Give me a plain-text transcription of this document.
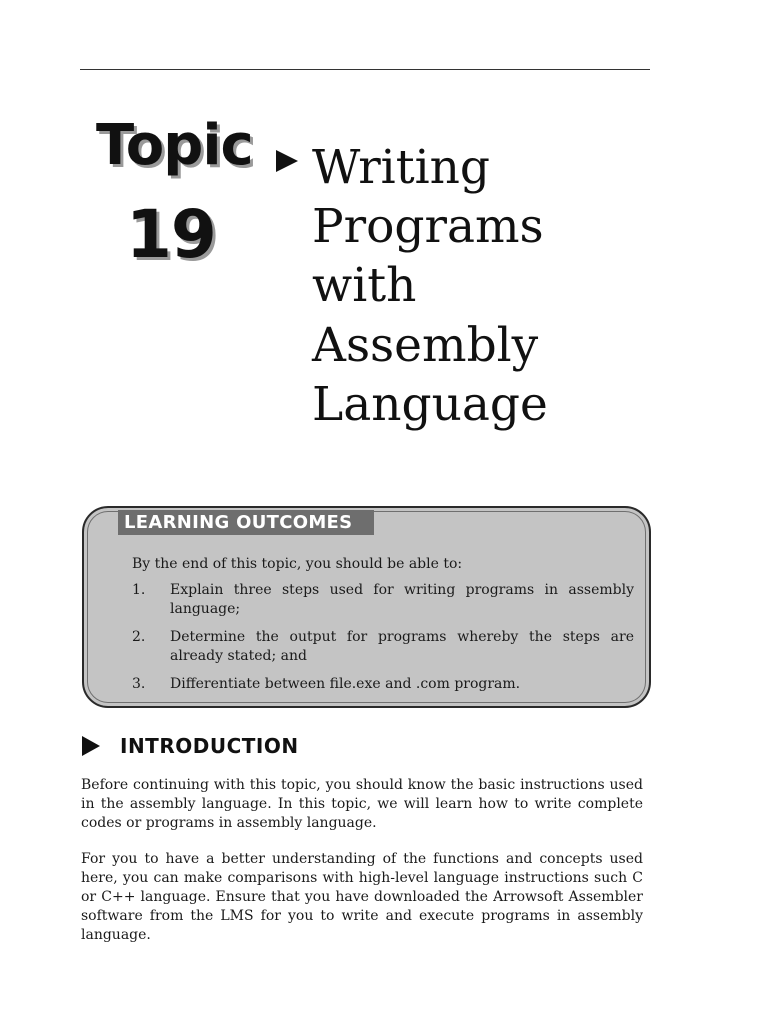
Topic
19
Writing
Programs
with
Assembly
Language
LEARNING OUTCOMES
By the end of this topic, you should be able to:
1. Explain three steps used for writing programs in assembly language;
2. Determine the output for programs whereby the steps are already stated; and
3. Differentiate between file.exe and .com program.
INTRODUCTION
Before continuing with this topic, you should know the basic instructions used in the assembly language. In this topic, we will learn how to write complete codes or programs in assembly language.
For you to have a better understanding of the functions and concepts used here, you can make comparisons with high-level language instructions such C or C++ language. Ensure that you have downloaded the Arrowsoft Assembler software from the LMS for you to write and execute programs in assembly language.
